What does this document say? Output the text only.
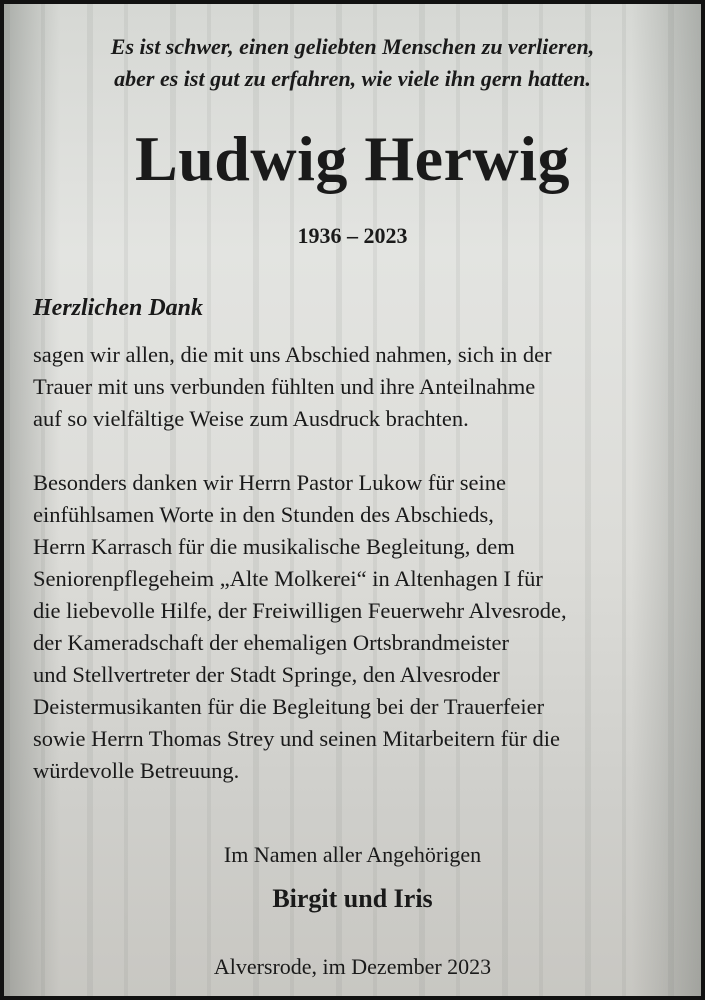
Es ist schwer, einen geliebten Menschen zu verlieren,
aber es ist gut zu erfahren, wie viele ihn gern hatten.
Ludwig Herwig
1936 – 2023
Herzlichen Dank
sagen wir allen, die mit uns Abschied nahmen, sich in der
Trauer mit uns verbunden fühlten und ihre Anteilnahme
auf so vielfältige Weise zum Ausdruck brachten.
Besonders danken wir Herrn Pastor Lukow für seine
einfühlsamen Worte in den Stunden des Abschieds,
Herrn Karrasch für die musikalische Begleitung, dem
Seniorenpflegeheim „Alte Molkerei“ in Altenhagen I für
die liebevolle Hilfe, der Freiwilligen Feuerwehr Alvesrode,
der Kameradschaft der ehemaligen Ortsbrandmeister
und Stellvertreter der Stadt Springe, den Alvesroder
Deistermusikanten für die Begleitung bei der Trauerfeier
sowie Herrn Thomas Strey und seinen Mitarbeitern für die
würdevolle Betreuung.
Im Namen aller Angehörigen
Birgit und Iris
Alversrode, im Dezember 2023
